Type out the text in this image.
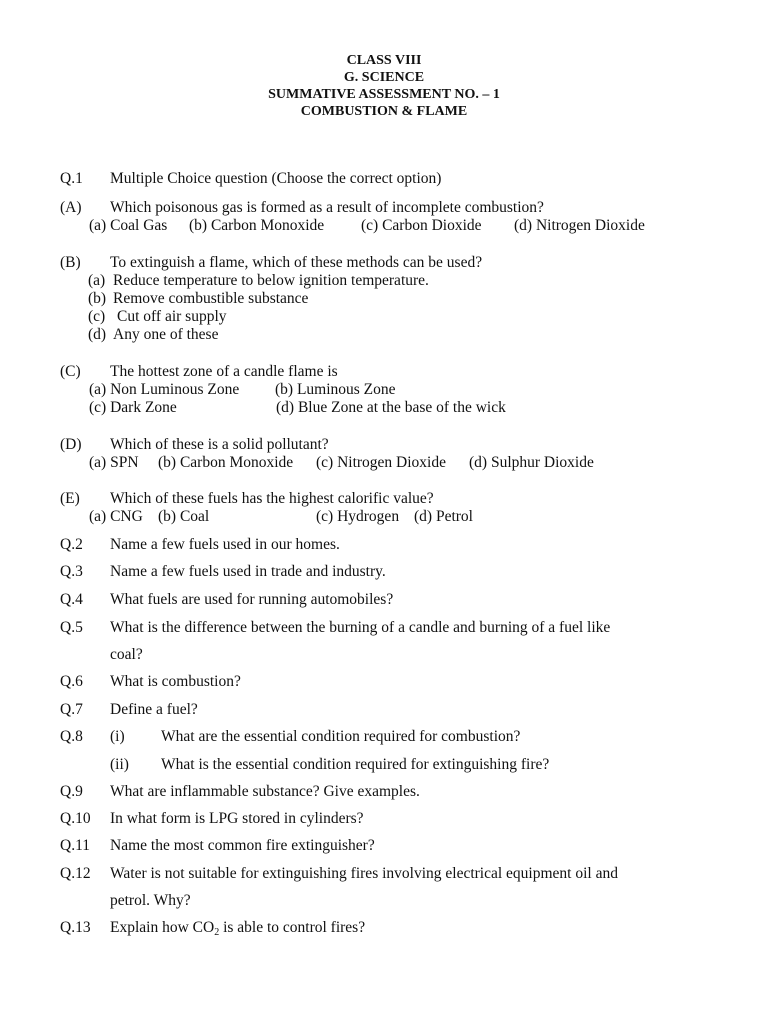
CLASS VIII
G. SCIENCE
SUMMATIVE ASSESSMENT NO. – 1
COMBUSTION & FLAME
Q.1 Multiple Choice question (Choose the correct option)
(A) Which poisonous gas is formed as a result of incomplete combustion?
(a) Coal Gas (b) Carbon Monoxide (c) Carbon Dioxide (d) Nitrogen Dioxide
(B) To extinguish a flame, which of these methods can be used?
(a) Reduce temperature to below ignition temperature.
(b) Remove combustible substance
(c) Cut off air supply
(d) Any one of these
(C) The hottest zone of a candle flame is
(a) Non Luminous Zone (b) Luminous Zone
(c) Dark Zone	(d) Blue Zone at the base of the wick
(D) Which of these is a solid pollutant?
(a) SPN (b) Carbon Monoxide (c) Nitrogen Dioxide (d) Sulphur Dioxide
(E) Which of these fuels has the highest calorific value?
(a) CNG (b) Coal	(c) Hydrogen (d) Petrol
Q.2 Name a few fuels used in our homes.
Q.3 Name a few fuels used in trade and industry.
Q.4 What fuels are used for running automobiles?
Q.5 What is the difference between the burning of a candle and burning of a fuel like
coal?
Q.6 What is combustion?
Q.7 Define a fuel?
Q.8 (i) What are the essential condition required for combustion?
(ii) What is the essential condition required for extinguishing fire?
Q.9 What are inflammable substance? Give examples.
Q.10 In what form is LPG stored in cylinders?
Q.11 Name the most common fire extinguisher?
Q.12 Water is not suitable for extinguishing fires involving electrical equipment oil and
petrol. Why?
Q.13 Explain how $CO_2$ is able to control fires?
